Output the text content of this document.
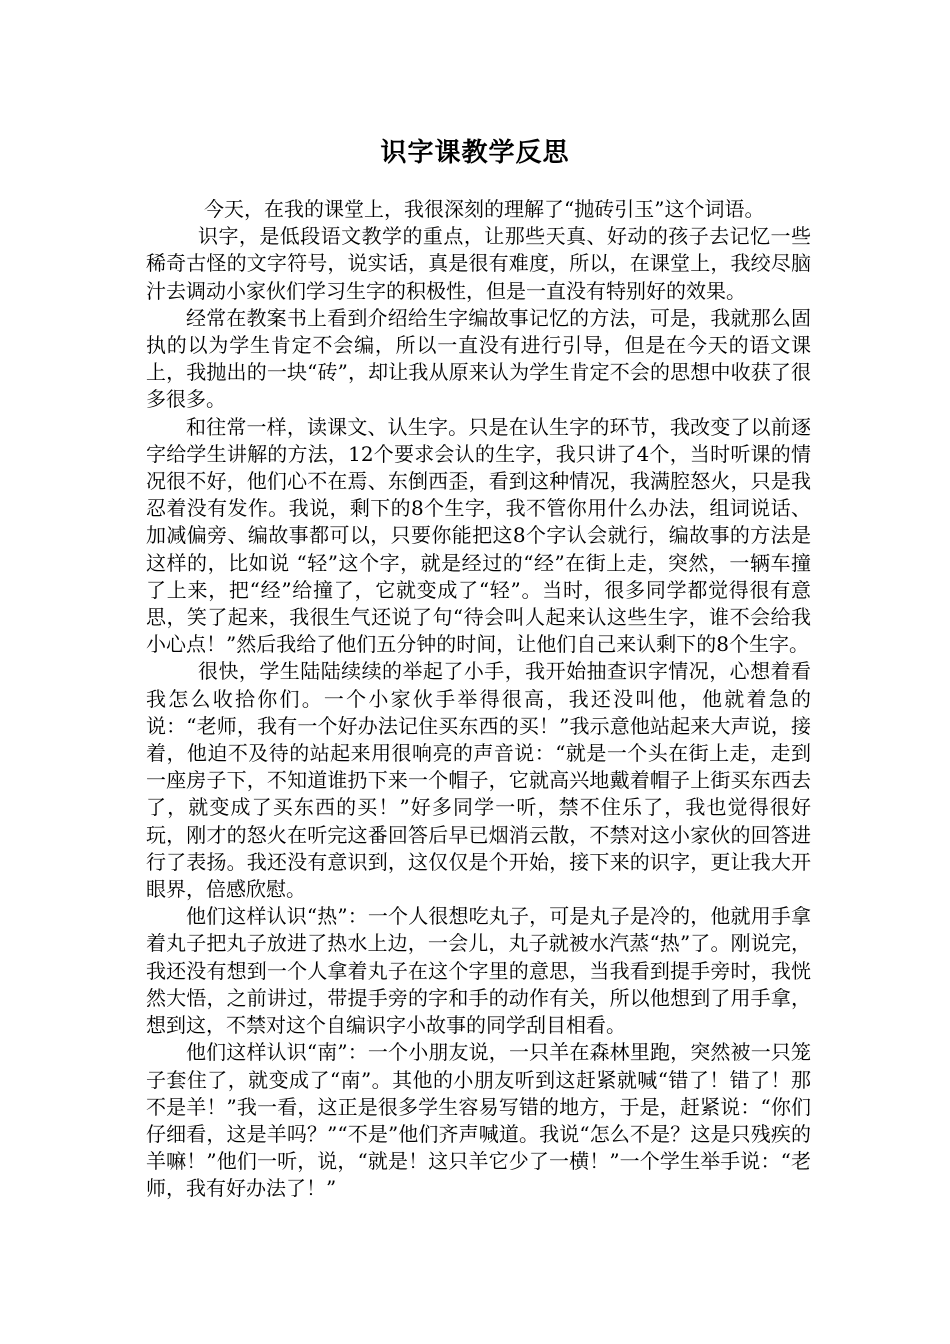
识字课教学反思

今天，在我的课堂上，我很深刻的理解了“抛砖引玉”这个词语。

识字，是低段语文教学的重点，让那些天真、好动的孩子去记忆一些稀奇古怪的文字符号，说实话，真是很有难度，所以，在课堂上，我绞尽脑汁去调动小家伙们学习生字的积极性，但是一直没有特别好的效果。

经常在教案书上看到介绍给生字编故事记忆的方法，可是，我就那么固执的以为学生肯定不会编，所以一直没有进行引导，但是在今天的语文课上，我抛出的一块“砖”，却让我从原来认为学生肯定不会的思想中收获了很多很多。

和往常一样，读课文、认生字。只是在认生字的环节，我改变了以前逐字给学生讲解的方法，12个要求会认的生字，我只讲了4个，当时听课的情况很不好，他们心不在焉、东倒西歪，看到这种情况，我满腔怒火，只是我忍着没有发作。我说，剩下的8个生字，我不管你用什么办法，组词说话、加减偏旁、编故事都可以，只要你能把这8个字认会就行，编故事的方法是这样的，比如说 “轻”这个字，就是经过的“经”在街上走，突然，一辆车撞了上来，把“经”给撞了，它就变成了“轻”。当时，很多同学都觉得很有意思，笑了起来，我很生气还说了句“待会叫人起来认这些生字，谁不会给我小心点！”然后我给了他们五分钟的时间，让他们自己来认剩下的8个生字。

很快，学生陆陆续续的举起了小手，我开始抽查识字情况，心想着看我怎么收拾你们。一个小家伙手举得很高，我还没叫他，他就着急的说：“老师，我有一个好办法记住买东西的买！”我示意他站起来大声说，接着，他迫不及待的站起来用很响亮的声音说：“就是一个头在街上走，走到一座房子下，不知道谁扔下来一个帽子，它就高兴地戴着帽子上街买东西去了，就变成了买东西的买！”好多同学一听，禁不住乐了，我也觉得很好玩，刚才的怒火在听完这番回答后早已烟消云散，不禁对这小家伙的回答进行了表扬。我还没有意识到，这仅仅是个开始，接下来的识字，更让我大开眼界，倍感欣慰。

他们这样认识“热”：一个人很想吃丸子，可是丸子是冷的，他就用手拿着丸子把丸子放进了热水上边，一会儿，丸子就被水汽蒸“热”了。刚说完，我还没有想到一个人拿着丸子在这个字里的意思，当我看到提手旁时，我恍然大悟，之前讲过，带提手旁的字和手的动作有关，所以他想到了用手拿，想到这，不禁对这个自编识字小故事的同学刮目相看。

他们这样认识“南”：一个小朋友说，一只羊在森林里跑，突然被一只笼子套住了，就变成了“南”。其他的小朋友听到这赶紧就喊“错了！错了！那不是羊！”我一看，这正是很多学生容易写错的地方，于是，赶紧说：“你们仔细看，这是羊吗？”“不是”他们齐声喊道。我说“怎么不是？这是只残疾的羊嘛！”他们一听，说，“就是！这只羊它少了一横！”一个学生举手说：“老师，我有好办法了！”
